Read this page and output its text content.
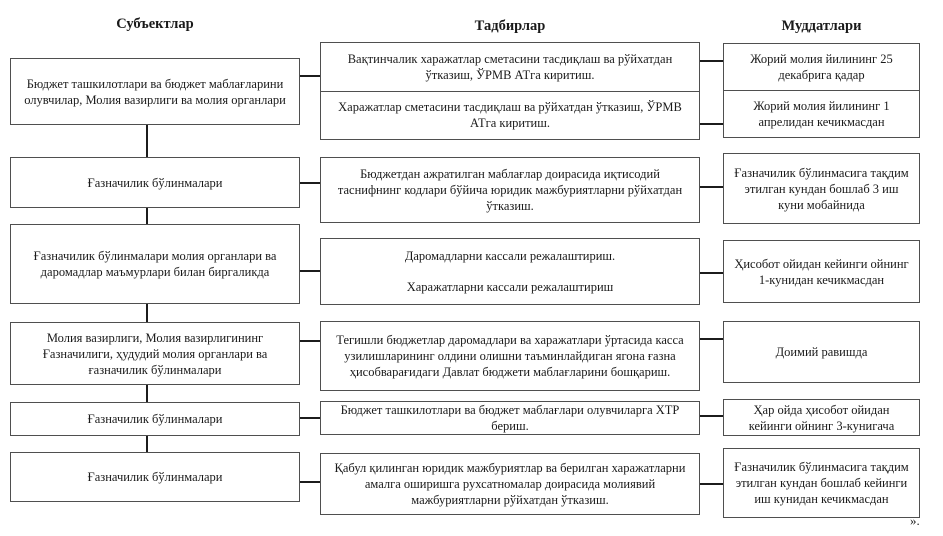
Субъектлар	Тадбирлар	Муддатлари
Бюджет ташкилотлари ва бюджет маблағларини олувчилар, Молия вазирлиги ва молия органлари
Вақтинчалик харажатлар сметасини тасдиқлаш ва рўйхатдан ўтказиш, ЎРМВ АТга киритиш.
Харажатлар сметасини тасдиқлаш ва рўйхатдан ўтказиш, ЎРМВ АТга киритиш.
Жорий молия йилининг 25 декабрига қадар
Жорий молия йилининг 1 апрелидан кечикмасдан
Ғазначилик бўлинмалари
Бюджетдан ажратилган маблағлар доирасида иқтисодий таснифнинг кодлари бўйича юридик мажбуриятларни рўйхатдан ўтказиш.
Ғазначилик бўлинмасига тақдим этилган кундан бошлаб 3 иш куни мобайнида
Ғазначилик бўлинмалари молия органлари ва даромадлар маъмурлари билан биргаликда
Даромадларни кассали режалаштириш.
Харажатларни кассали режалаштириш
Ҳисобот ойидан кейинги ойнинг 1-кунидан кечикмасдан
Молия вазирлиги, Молия вазирлигининг Ғазначилиги, ҳудудий молия органлари ва ғазначилик бўлинмалари
Тегишли бюджетлар даромадлари ва харажатлари ўртасида касса узилишларининг олдини олишни таъминлайдиган ягона ғазна ҳисобварағидаги Давлат бюджети маблағларини бошқариш.
Доимий равишда
Ғазначилик бўлинмалари
Бюджет ташкилотлари ва бюджет маблағлари олувчиларга ХТР бериш.
Ҳар ойда ҳисобот ойидан кейинги ойнинг 3-кунигача
Ғазначилик бўлинмалари
Қабул қилинган юридик мажбуриятлар ва берилган харажатларни амалга оширишга рухсатномалар доирасида молиявий мажбуриятларни рўйхатдан ўтказиш.
Ғазначилик бўлинмасига тақдим этилган кундан бошлаб кейинги иш кунидан кечикмасдан
».
